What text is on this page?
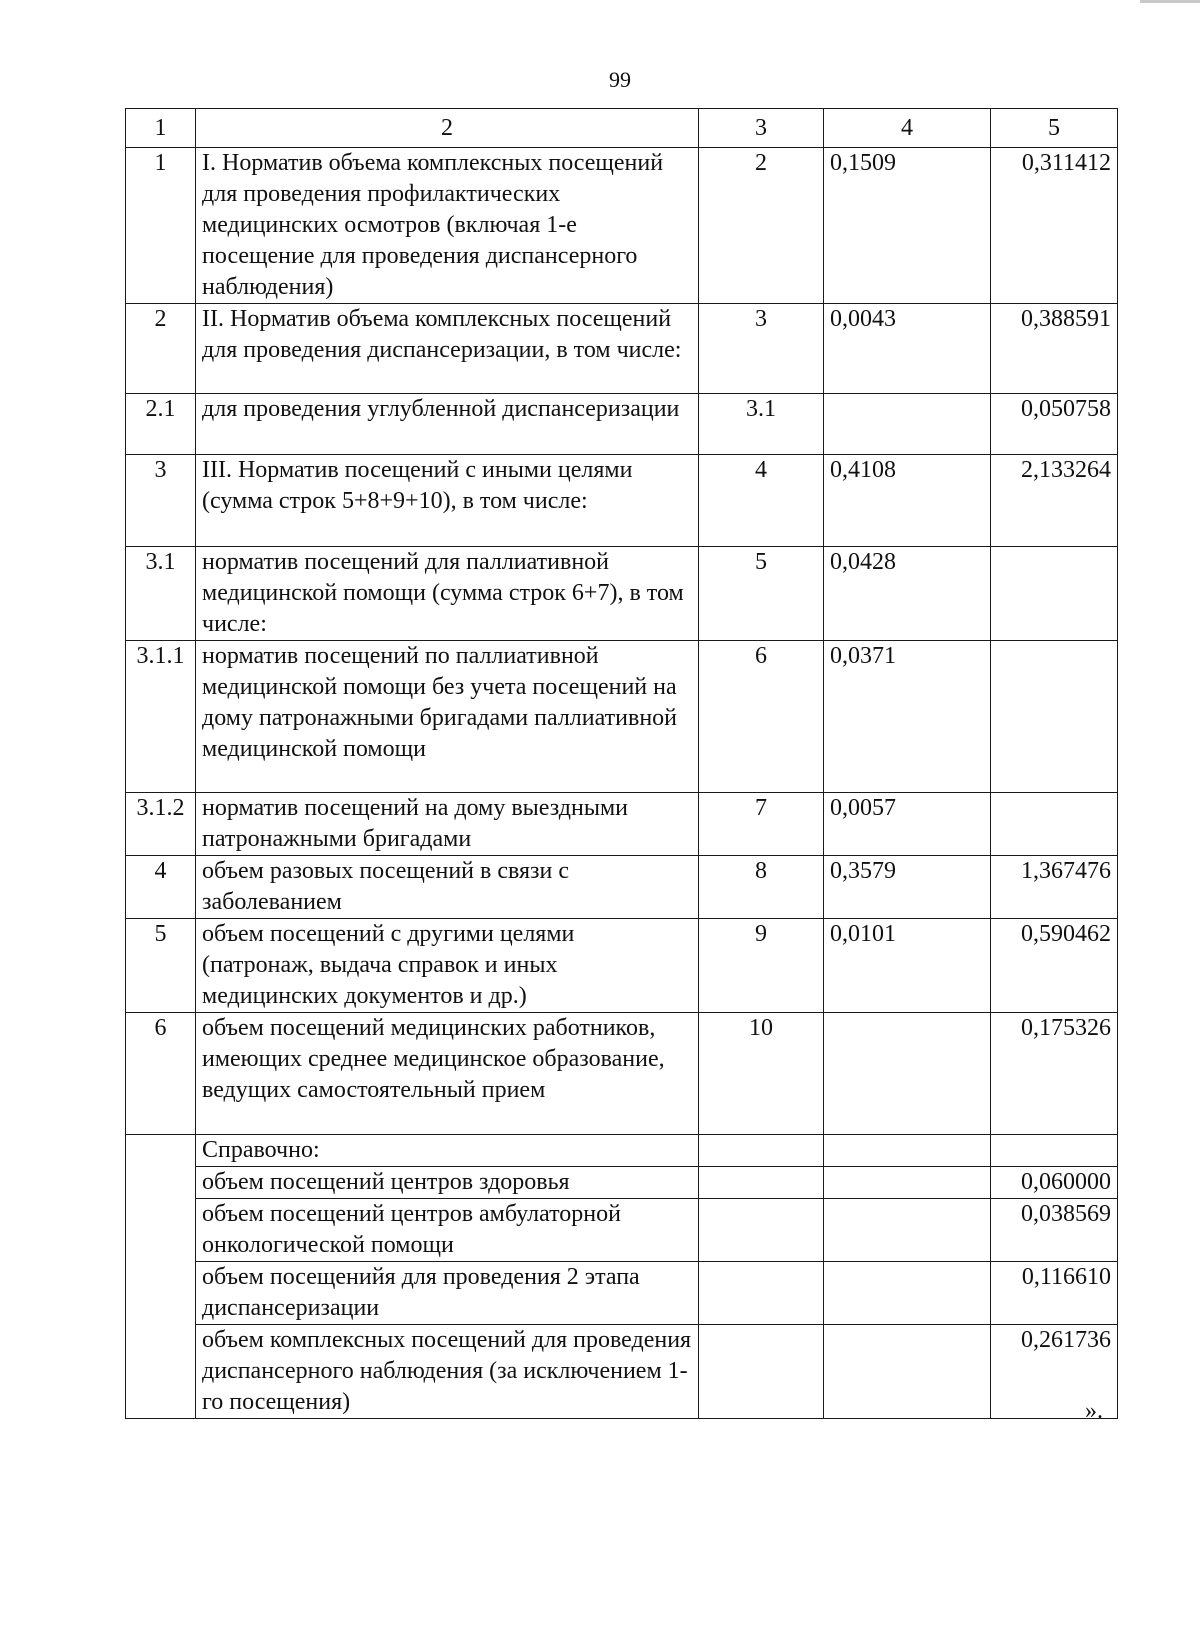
99
1	2	3	4	5
1	I. Норматив объема комплексных посещений для проведения профилактических медицинских осмотров (включая 1-е посещение для проведения диспансерного наблюдения)	2	0,1509	0,311412
2	II. Норматив объема комплексных посещений для проведения диспансеризации, в том числе:	3	0,0043	0,388591
2.1	для проведения углубленной диспансеризации	3.1		0,050758
3	III. Норматив посещений с иными целями (сумма строк 5+8+9+10), в том числе:	4	0,4108	2,133264
3.1	норматив посещений для паллиативной медицинской помощи (сумма строк 6+7), в том числе:	5	0,0428	
3.1.1	норматив посещений по паллиативной медицинской помощи без учета посещений на дому патронажными бригадами паллиативной медицинской помощи	6	0,0371	
3.1.2	норматив посещений на дому выездными патронажными бригадами	7	0,0057	
4	объем разовых посещений в связи с заболеванием	8	0,3579	1,367476
5	объем посещений с другими целями (патронаж, выдача справок и иных медицинских документов и др.)	9	0,0101	0,590462
6	объем посещений медицинских работников, имеющих среднее медицинское образование, ведущих самостоятельный прием	10		0,175326
	Справочно:			
	объем посещений центров здоровья			0,060000
	объем посещений центров амбулаторной онкологической помощи			0,038569
	объем посещенийя для проведения 2 этапа диспансеризации			0,116610
	объем комплексных посещений для проведения диспансерного наблюдения (за исключением 1-го посещения)			0,261736
».
